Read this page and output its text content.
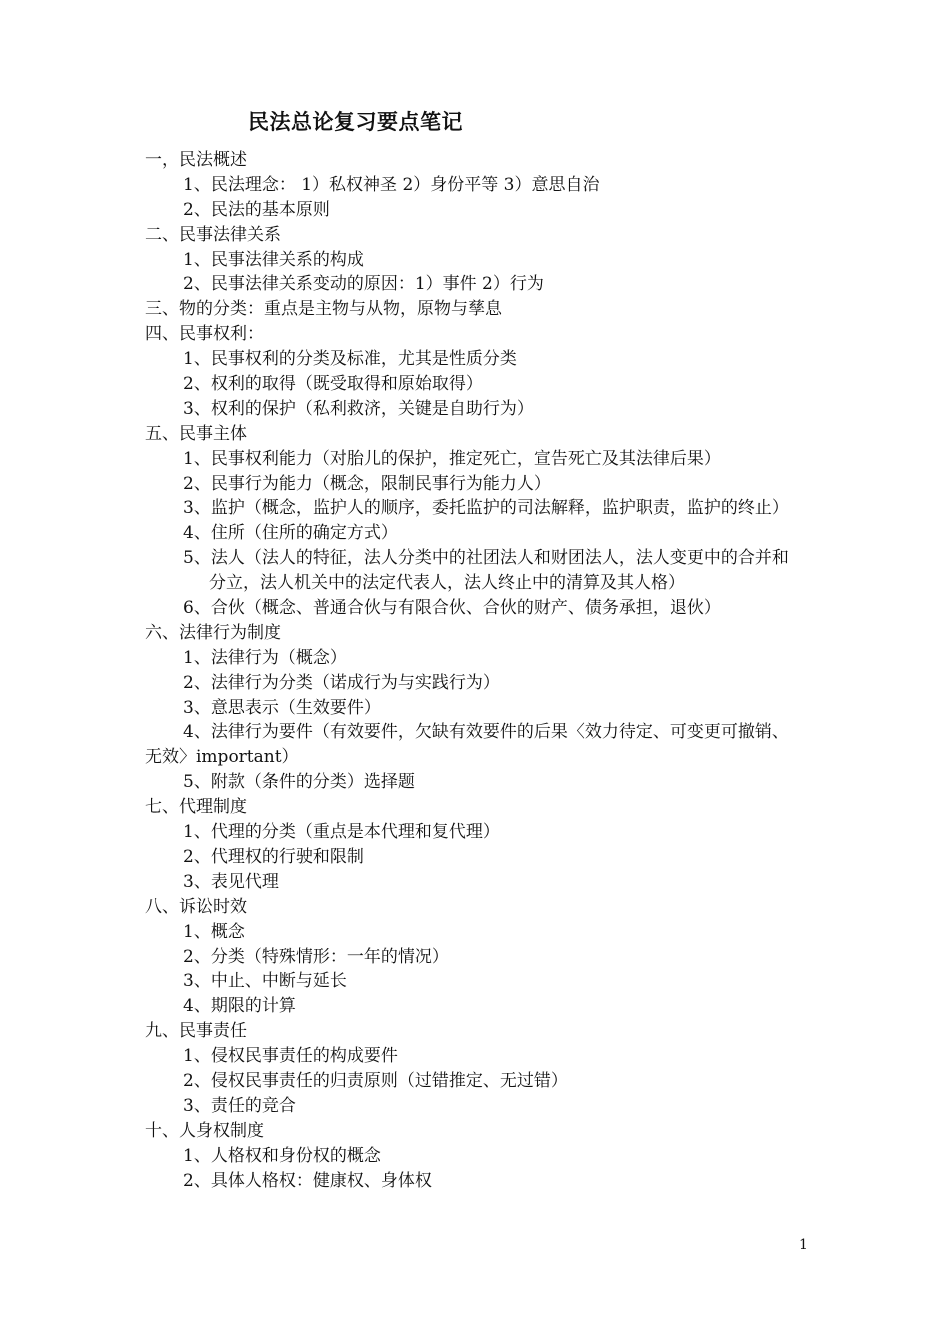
民法总论复习要点笔记
一，民法概述
1、民法理念： 1）私权神圣 2）身份平等 3）意思自治
2、民法的基本原则
二、民事法律关系
1、民事法律关系的构成
2、民事法律关系变动的原因：1）事件 2）行为
三、物的分类：重点是主物与从物，原物与孳息
四、民事权利：
1、民事权利的分类及标准，尤其是性质分类
2、权利的取得（既受取得和原始取得）
3、权利的保护（私利救济，关键是自助行为）
五、民事主体
1、民事权利能力（对胎儿的保护，推定死亡，宣告死亡及其法律后果）
2、民事行为能力（概念，限制民事行为能力人）
3、监护（概念，监护人的顺序，委托监护的司法解释，监护职责，监护的终止）
4、住所（住所的确定方式）
5、法人（法人的特征，法人分类中的社团法人和财团法人，法人变更中的合并和
分立，法人机关中的法定代表人，法人终止中的清算及其人格）
6、合伙（概念、普通合伙与有限合伙、合伙的财产、债务承担，退伙）
六、法律行为制度
1、法律行为（概念）
2、法律行为分类（诺成行为与实践行为）
3、意思表示（生效要件）
4、法律行为要件（有效要件，欠缺有效要件的后果〈效力待定、可变更可撤销、
无效〉important）
5、附款（条件的分类）选择题
七、代理制度
1、代理的分类（重点是本代理和复代理）
2、代理权的行驶和限制
3、表见代理
八、诉讼时效
1、概念
2、分类（特殊情形：一年的情况）
3、中止、中断与延长
4、期限的计算
九、民事责任
1、侵权民事责任的构成要件
2、侵权民事责任的归责原则（过错推定、无过错）
3、责任的竞合
十、人身权制度
1、人格权和身份权的概念
2、具体人格权：健康权、身体权
1
